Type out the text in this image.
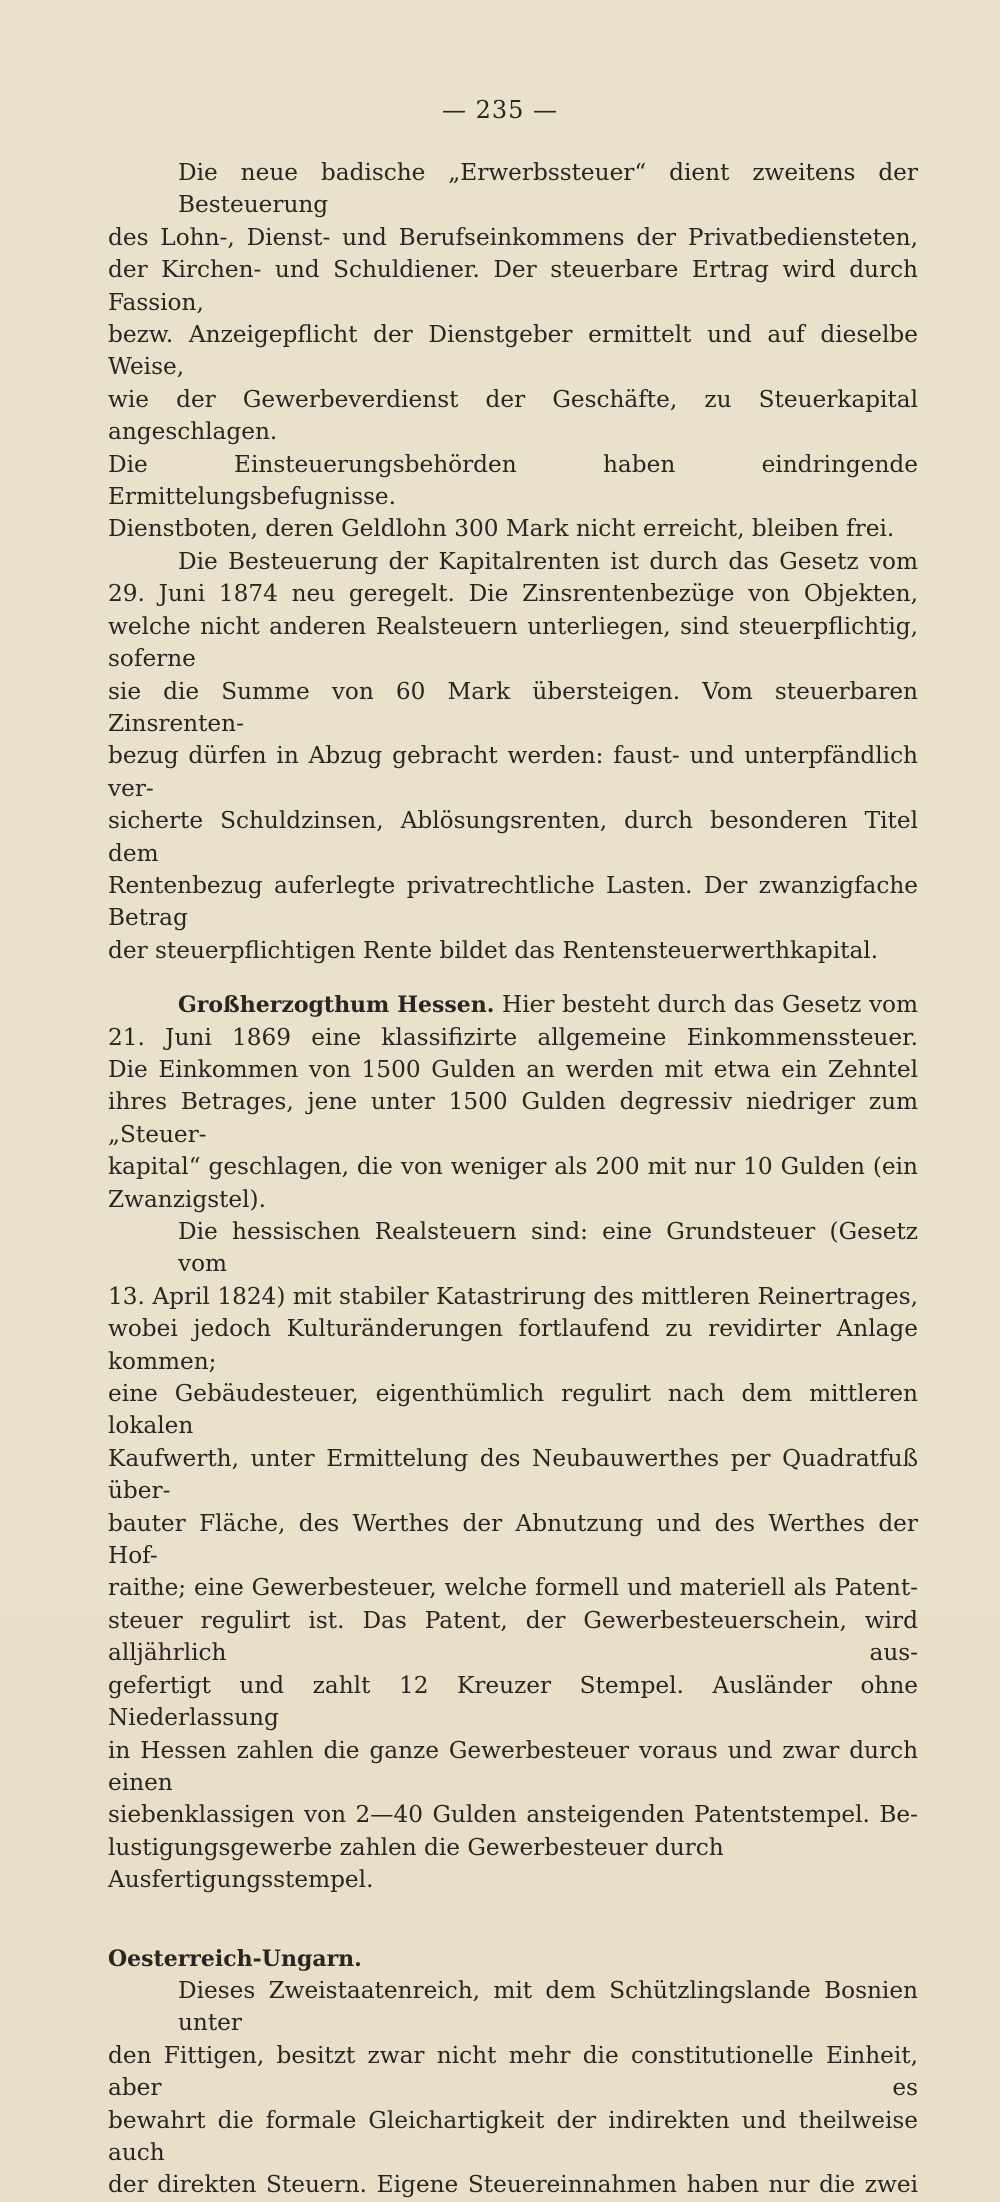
— 235 —
Die neue badische „Erwerbssteuer“ dient zweitens der Besteuerung
des Lohn-, Dienst- und Berufseinkommens der Privatbediensteten,
der Kirchen- und Schuldiener. Der steuerbare Ertrag wird durch Fassion,
bezw. Anzeigepflicht der Dienstgeber ermittelt und auf dieselbe Weise,
wie der Gewerbeverdienst der Geschäfte, zu Steuerkapital angeschlagen.
Die Einsteuerungsbehörden haben eindringende Ermittelungsbefugnisse.
Dienstboten, deren Geldlohn 300 Mark nicht erreicht, bleiben frei.
Die Besteuerung der Kapitalrenten ist durch das Gesetz vom
29. Juni 1874 neu geregelt. Die Zinsrentenbezüge von Objekten,
welche nicht anderen Realsteuern unterliegen, sind steuerpflichtig, soferne
sie die Summe von 60 Mark übersteigen. Vom steuerbaren Zinsrenten-
bezug dürfen in Abzug gebracht werden: faust- und unterpfändlich ver-
sicherte Schuldzinsen, Ablösungsrenten, durch besonderen Titel dem
Rentenbezug auferlegte privatrechtliche Lasten. Der zwanzigfache Betrag
der steuerpflichtigen Rente bildet das Rentensteuerwerthkapital.
Großherzogthum Hessen. Hier besteht durch das Gesetz vom
21. Juni 1869 eine klassifizirte allgemeine Einkommenssteuer.
Die Einkommen von 1500 Gulden an werden mit etwa ein Zehntel
ihres Betrages, jene unter 1500 Gulden degressiv niedriger zum „Steuer-
kapital“ geschlagen, die von weniger als 200 mit nur 10 Gulden (ein
Zwanzigstel).
Die hessischen Realsteuern sind: eine Grundsteuer (Gesetz vom
13. April 1824) mit stabiler Katastrirung des mittleren Reinertrages,
wobei jedoch Kulturänderungen fortlaufend zu revidirter Anlage kommen;
eine Gebäudesteuer, eigenthümlich regulirt nach dem mittleren lokalen
Kaufwerth, unter Ermittelung des Neubauwerthes per Quadratfuß über-
bauter Fläche, des Werthes der Abnutzung und des Werthes der Hof-
raithe; eine Gewerbesteuer, welche formell und materiell als Patent-
steuer regulirt ist. Das Patent, der Gewerbesteuerschein, wird alljährlich aus-
gefertigt und zahlt 12 Kreuzer Stempel. Ausländer ohne Niederlassung
in Hessen zahlen die ganze Gewerbesteuer voraus und zwar durch einen
siebenklassigen von 2—40 Gulden ansteigenden Patentstempel. Be-
lustigungsgewerbe zahlen die Gewerbesteuer durch Ausfertigungsstempel.
Oesterreich-Ungarn.
Dieses Zweistaatenreich, mit dem Schützlingslande Bosnien unter
den Fittigen, besitzt zwar nicht mehr die constitutionelle Einheit, aber es
bewahrt die formale Gleichartigkeit der indirekten und theilweise auch
der direkten Steuern. Eigene Steuereinnahmen haben nur die zwei
